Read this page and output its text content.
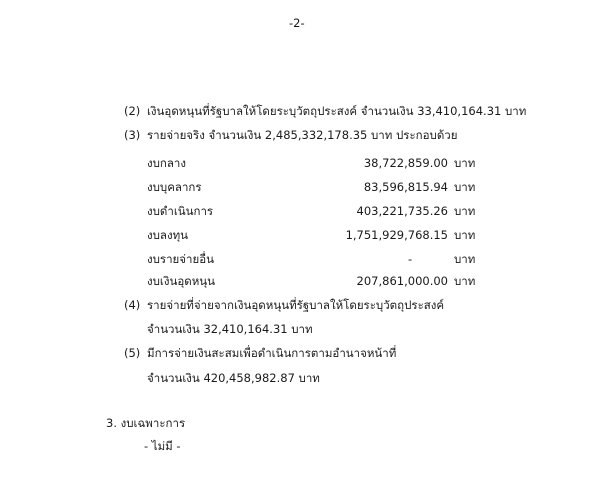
-2-
(2) เงินอุดหนุนที่รัฐบาลให้โดยระบุวัตถุประสงค์ จำนวนเงิน 33,410,164.31 บาท
(3) รายจ่ายจริง จำนวนเงิน 2,485,332,178.35 บาท ประกอบด้วย
งบกลาง	38,722,859.00 บาท
งบบุคลากร	83,596,815.94 บาท
งบดำเนินการ	403,221,735.26 บาท
งบลงทุน	1,751,929,768.15 บาท
งบรายจ่ายอื่น	-	บาท
งบเงินอุดหนุน	207,861,000.00 บาท
(4) รายจ่ายที่จ่ายจากเงินอุดหนุนที่รัฐบาลให้โดยระบุวัตถุประสงค์
จำนวนเงิน 32,410,164.31 บาท
(5) มีการจ่ายเงินสะสมเพื่อดำเนินการตามอำนาจหน้าที่
จำนวนเงิน 420,458,982.87 บาท
3. งบเฉพาะการ
- ไม่มี -
